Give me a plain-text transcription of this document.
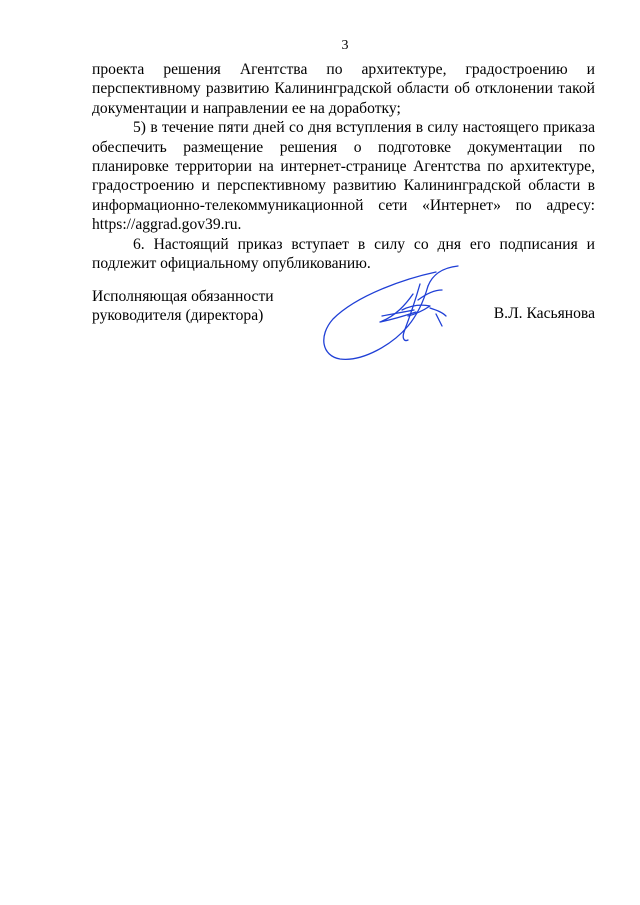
3

проекта решения Агентства по архитектуре, градостроению и перспективному развитию Калининградской области об отклонении такой документации и направлении ее на доработку;

5) в течение пяти дней со дня вступления в силу настоящего приказа обеспечить размещение решения о подготовке документации по планировке территории на интернет-странице Агентства по архитектуре, градостроению и перспективному развитию Калининградской области в информационно-телекоммуникационной сети «Интернет» по адресу: https://aggrad.gov39.ru.

6. Настоящий приказ вступает в силу со дня его подписания и подлежит официальному опубликованию.

Исполняющая обязанности
руководителя (директора)	В.Л. Касьянова
